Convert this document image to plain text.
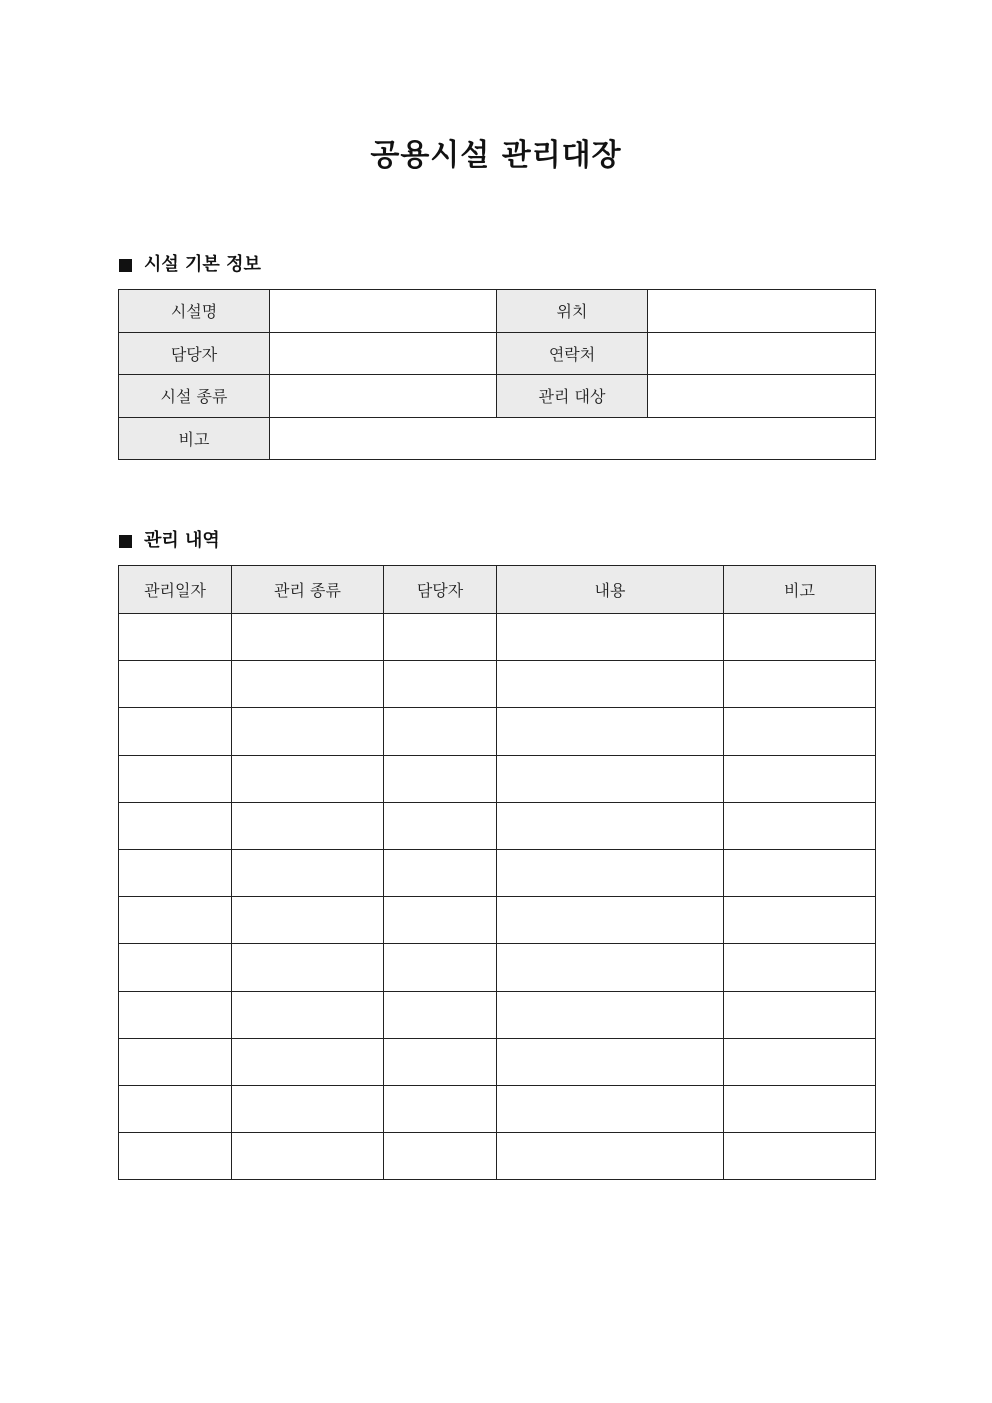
공용시설 관리대장
시설 기본 정보
시설명		위치	
담당자		연락처	
시설 종류		관리 대상	
비고			
관리 내역
관리일자	관리 종류	담당자	내용	비고
